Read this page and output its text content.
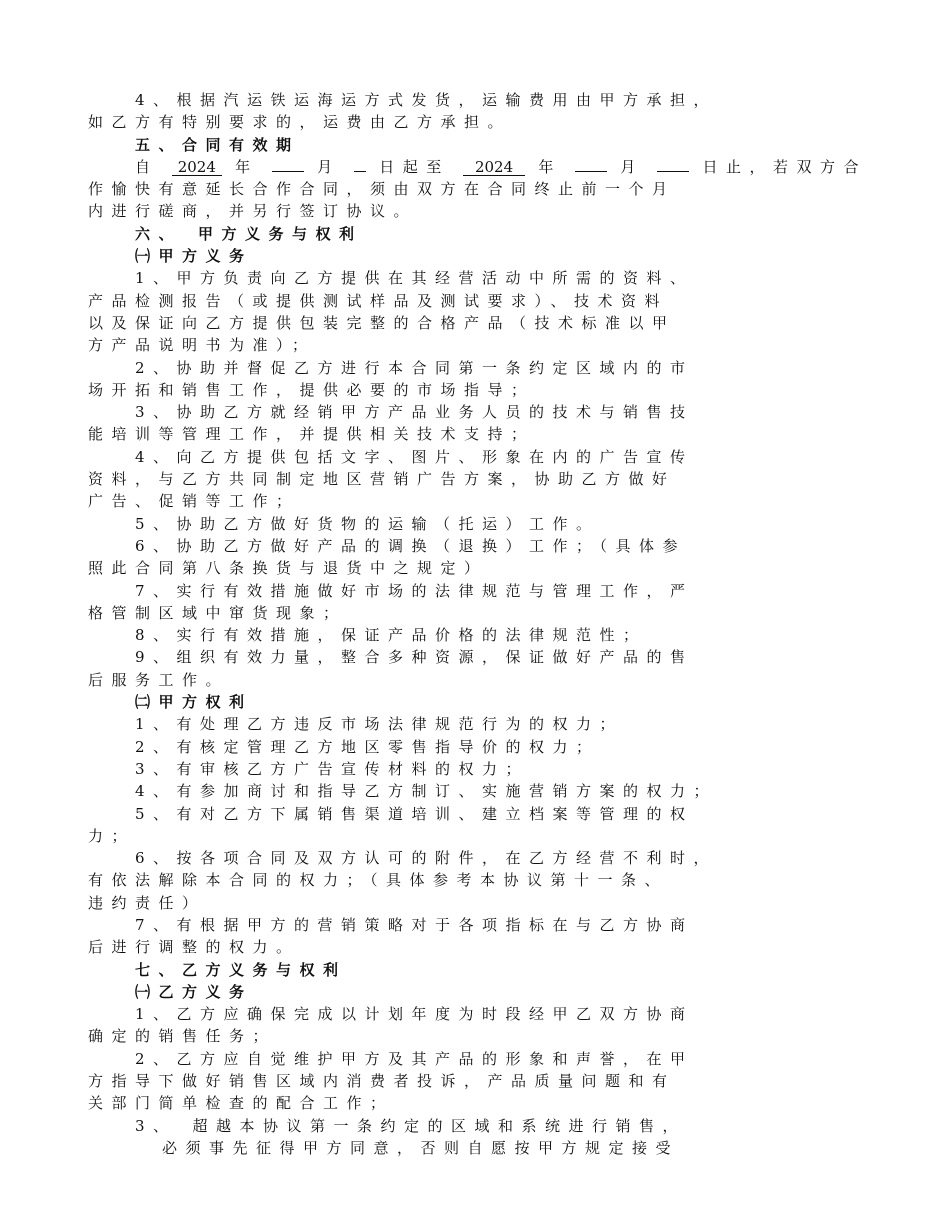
4、根据汽运铁运海运方式发货，运输费用由甲方承担，
如乙方有特别要求的，运费由乙方承担。
五、合同有效期
自 2024 年	月	日起至 2024 年	月	日止，若双方合
作愉快有意延长合作合同，须由双方在合同终止前一个月
内进行磋商，并另行签订协议。
六、　甲方义务与权利
㈠甲方义务
1、甲方负责向乙方提供在其经营活动中所需的资料、
产品检测报告（或提供测试样品及测试要求）、技术资料
以及保证向乙方提供包装完整的合格产品（技术标准以甲
方产品说明书为准）；
2、协助并督促乙方进行本合同第一条约定区域内的市
场开拓和销售工作，提供必要的市场指导；
3、协助乙方就经销甲方产品业务人员的技术与销售技
能培训等管理工作，并提供相关技术支持；
4、向乙方提供包括文字、图片、形象在内的广告宣传
资料，与乙方共同制定地区营销广告方案，协助乙方做好
广告、促销等工作；
5、协助乙方做好货物的运输（托运）工作。
6、协助乙方做好产品的调换（退换）工作；（具体参
照此合同第八条换货与退货中之规定）
7、实行有效措施做好市场的法律规范与管理工作，严
格管制区域中窜货现象；
8、实行有效措施，保证产品价格的法律规范性；
9、组织有效力量，整合多种资源，保证做好产品的售
后服务工作。
㈡甲方权利
1、有处理乙方违反市场法律规范行为的权力；
2、有核定管理乙方地区零售指导价的权力；
3、有审核乙方广告宣传材料的权力；
4、有参加商讨和指导乙方制订、实施营销方案的权力；
5、有对乙方下属销售渠道培训、建立档案等管理的权
力；
6、按各项合同及双方认可的附件，在乙方经营不利时，
有依法解除本合同的权力；（具体参考本协议第十一条、
违约责任）
7、有根据甲方的营销策略对于各项指标在与乙方协商
后进行调整的权力。
七、乙方义务与权利
㈠乙方义务
1、乙方应确保完成以计划年度为时段经甲乙双方协商
确定的销售任务；
2、乙方应自觉维护甲方及其产品的形象和声誉，在甲
方指导下做好销售区域内消费者投诉，产品质量问题和有
关部门简单检查的配合工作；
3、　超越本协议第一条约定的区域和系统进行销售，
必须事先征得甲方同意，否则自愿按甲方规定接受
